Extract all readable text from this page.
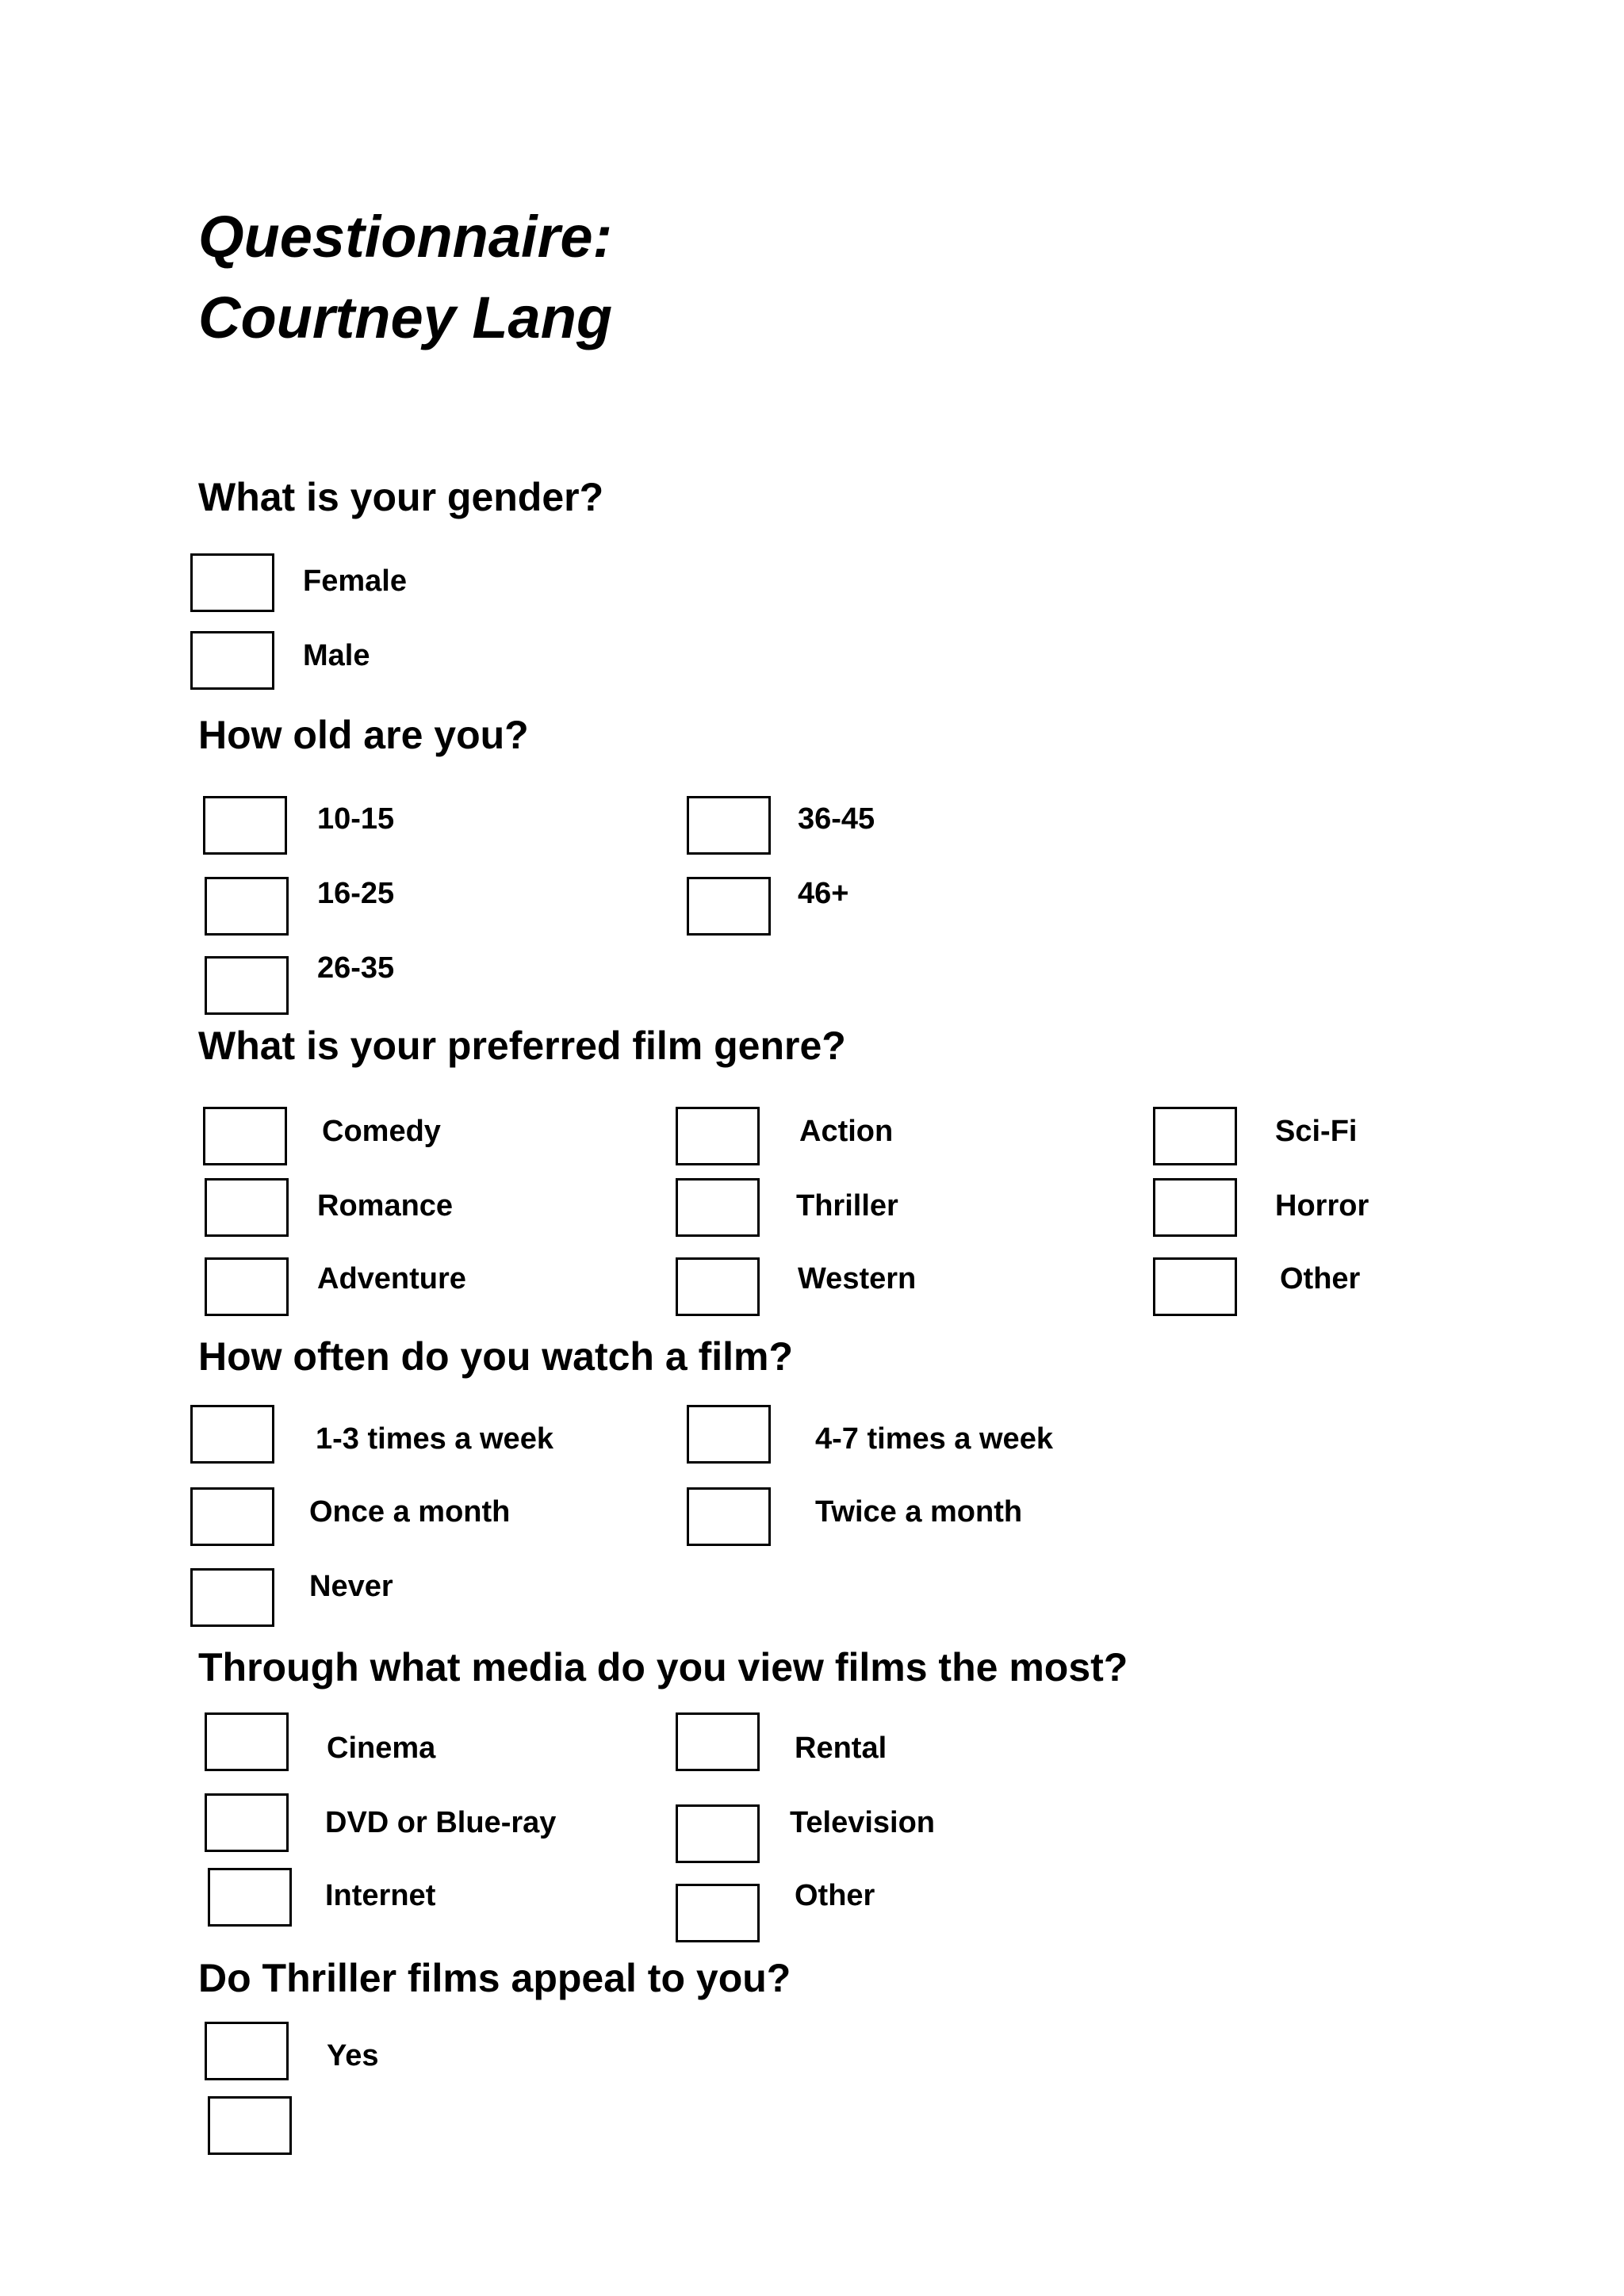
Questionnaire:
Courtney Lang
What is your gender?
Female
Male
How old are you?
10-15
16-25
26-35
36-45
46+
What is your preferred film genre?
Comedy
Romance
Adventure
Action
Thriller
Western
Sci-Fi
Horror
Other
How often do you watch a film?
1-3 times a week
Once a month
Never
4-7 times a week
Twice a month
Through what media do you view films the most?
Cinema
DVD or Blue-ray
Internet
Rental
Television
Other
Do Thriller films appeal to you?
Yes
